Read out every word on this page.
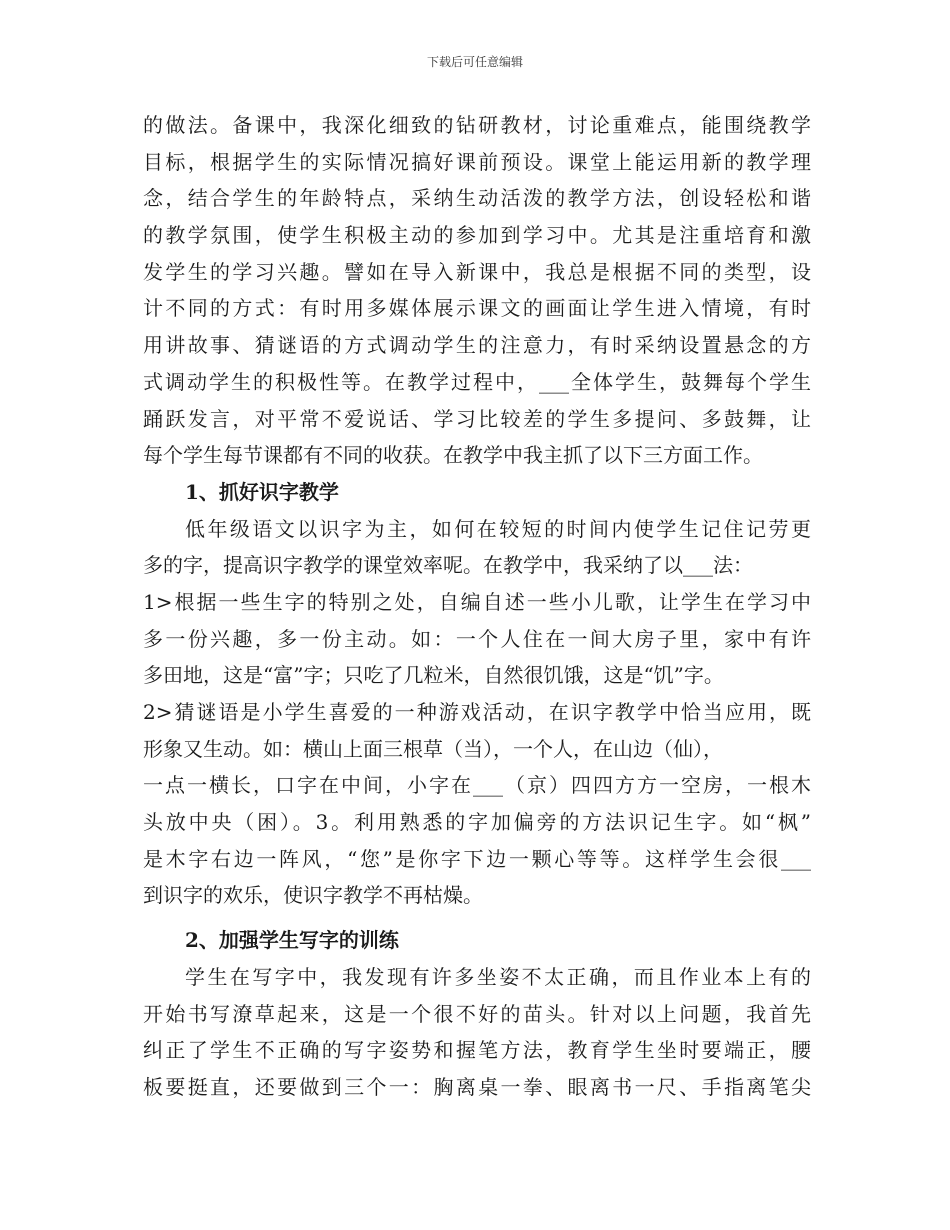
下载后可任意编辑
的做法。备课中，我深化细致的钻研教材，讨论重难点，能围绕教学
目标，根据学生的实际情况搞好课前预设。课堂上能运用新的教学理
念，结合学生的年龄特点，采纳生动活泼的教学方法，创设轻松和谐
的教学氛围，使学生积极主动的参加到学习中。尤其是注重培育和激
发学生的学习兴趣。譬如在导入新课中，我总是根据不同的类型，设
计不同的方式：有时用多媒体展示课文的画面让学生进入情境，有时
用讲故事、猜谜语的方式调动学生的注意力，有时采纳设置悬念的方
式调动学生的积极性等。在教学过程中，___全体学生，鼓舞每个学生
踊跃发言，对平常不爱说话、学习比较差的学生多提问、多鼓舞，让
每个学生每节课都有不同的收获。在教学中我主抓了以下三方面工作。
1、抓好识字教学
低年级语文以识字为主，如何在较短的时间内使学生记住记劳更
多的字，提高识字教学的课堂效率呢。在教学中，我采纳了以___法：
1>根据一些生字的特别之处，自编自述一些小儿歌，让学生在学习中
多一份兴趣，多一份主动。如：一个人住在一间大房子里，家中有许
多田地，这是“富”字；只吃了几粒米，自然很饥饿，这是“饥”字。
2>猜谜语是小学生喜爱的一种游戏活动，在识字教学中恰当应用，既
形象又生动。如：横山上面三根草（当），一个人，在山边（仙），
一点一横长，口字在中间，小字在___（京）四四方方一空房，一根木
头放中央（困）。3。利用熟悉的字加偏旁的方法识记生字。如“枫”
是木字右边一阵风，“您”是你字下边一颗心等等。这样学生会很___
到识字的欢乐，使识字教学不再枯燥。
2、加强学生写字的训练
学生在写字中，我发现有许多坐姿不太正确，而且作业本上有的
开始书写潦草起来，这是一个很不好的苗头。针对以上问题，我首先
纠正了学生不正确的写字姿势和握笔方法，教育学生坐时要端正，腰
板要挺直，还要做到三个一：胸离桌一拳、眼离书一尺、手指离笔尖
